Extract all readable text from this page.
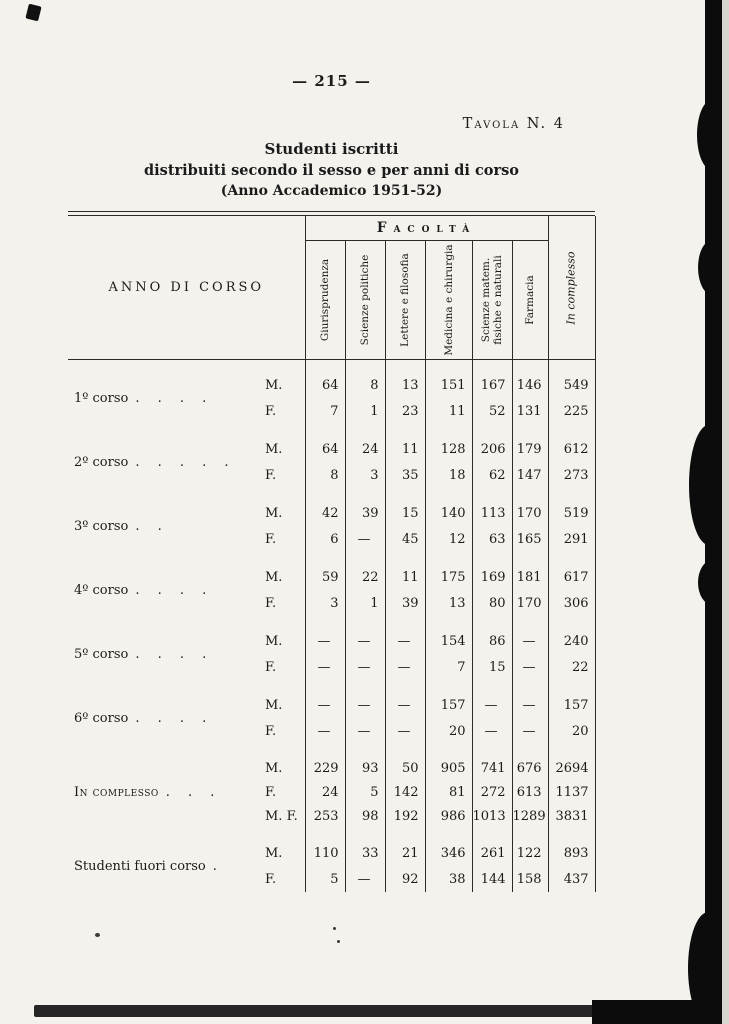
— 215 —
Tavola N. 4
Studenti iscritti
distribuiti secondo il sesso e per anni di corso
(Anno Accademico 1951-52)
ANNO DI CORSO		Facoltà						In complesso

		Giurisprudenza	Scienze politiche	Lettere e filosofia	Medicina e chirurgia	Scienze matem. fisiche e naturali	Farmacia	

1º corso . . . .	M.	64	8	13	151	167	146	549
	F.	7	1	23	11	52	131	225
2º corso . . . . .	M.	64	24	11	128	206	179	612
	F.	8	3	35	18	62	147	273
3º corso . .	M.	42	39	15	140	113	170	519
	F.	6	—	45	12	63	165	291
4º corso . . . .	M.	59	22	11	175	169	181	617
	F.	3	1	39	13	80	170	306
5º corso . . . .	M.	—	—	—	154	86	—	240
	F.	—	—	—	7	15	—	22
6º corso . . . .	M.	—	—	—	157	—	—	157
	F.	—	—	—	20	—	—	20
In complesso . . .	M.	229	93	50	905	741	676	2694
	F.	24	5	142	81	272	613	1137
	M. F.	253	98	192	986	1013	1289	3831
Studenti fuori corso .	M.	110	33	21	346	261	122	893
	F.	5	—	92	38	144	158	437
